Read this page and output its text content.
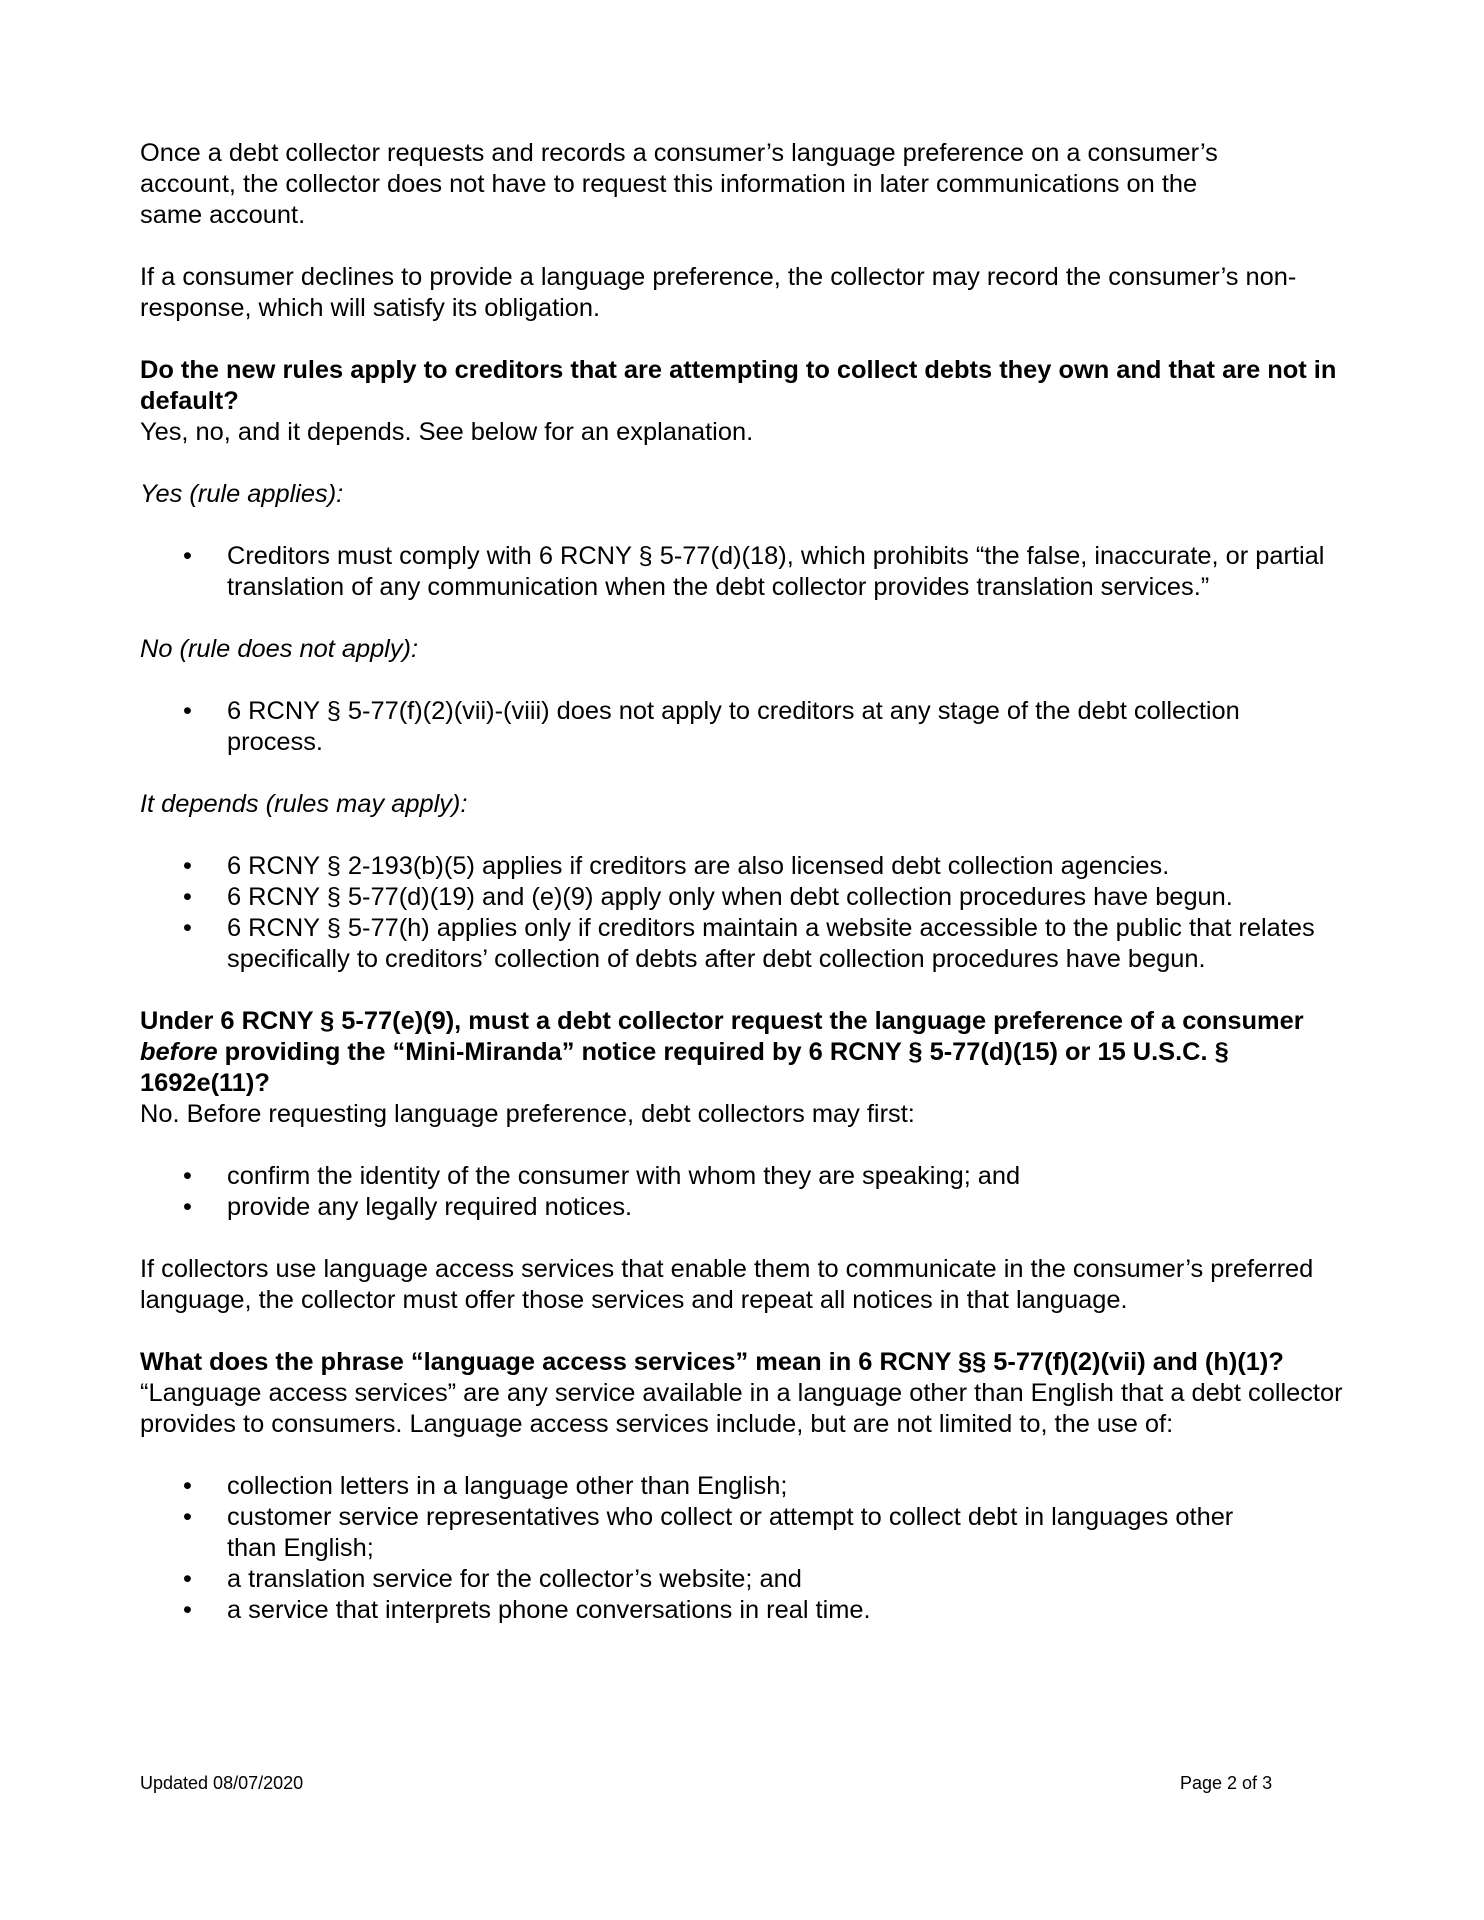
Once a debt collector requests and records a consumer’s language preference on a consumer’s account, the collector does not have to request this information in later communications on the same account.

If a consumer declines to provide a language preference, the collector may record the consumer’s non-response, which will satisfy its obligation.

Do the new rules apply to creditors that are attempting to collect debts they own and that are not in default?

Yes, no, and it depends. See below for an explanation.

Yes (rule applies):

• Creditors must comply with 6 RCNY § 5-77(d)(18), which prohibits “the false, inaccurate, or partial translation of any communication when the debt collector provides translation services.”

No (rule does not apply):

• 6 RCNY § 5-77(f)(2)(vii)-(viii) does not apply to creditors at any stage of the debt collection process.

It depends (rules may apply):

• 6 RCNY § 2-193(b)(5) applies if creditors are also licensed debt collection agencies.
• 6 RCNY § 5-77(d)(19) and (e)(9) apply only when debt collection procedures have begun.
• 6 RCNY § 5-77(h) applies only if creditors maintain a website accessible to the public that relates specifically to creditors’ collection of debts after debt collection procedures have begun.

Under 6 RCNY § 5-77(e)(9), must a debt collector request the language preference of a consumer before providing the “Mini-Miranda” notice required by 6 RCNY § 5-77(d)(15) or 15 U.S.C. § 1692e(11)?

No. Before requesting language preference, debt collectors may first:

• confirm the identity of the consumer with whom they are speaking; and
• provide any legally required notices.

If collectors use language access services that enable them to communicate in the consumer’s preferred language, the collector must offer those services and repeat all notices in that language.

What does the phrase “language access services” mean in 6 RCNY §§ 5-77(f)(2)(vii) and (h)(1)?

“Language access services” are any service available in a language other than English that a debt collector provides to consumers. Language access services include, but are not limited to, the use of:

• collection letters in a language other than English;
• customer service representatives who collect or attempt to collect debt in languages other than English;
• a translation service for the collector’s website; and
• a service that interprets phone conversations in real time.
Updated 08/07/2020	Page 2 of 3
